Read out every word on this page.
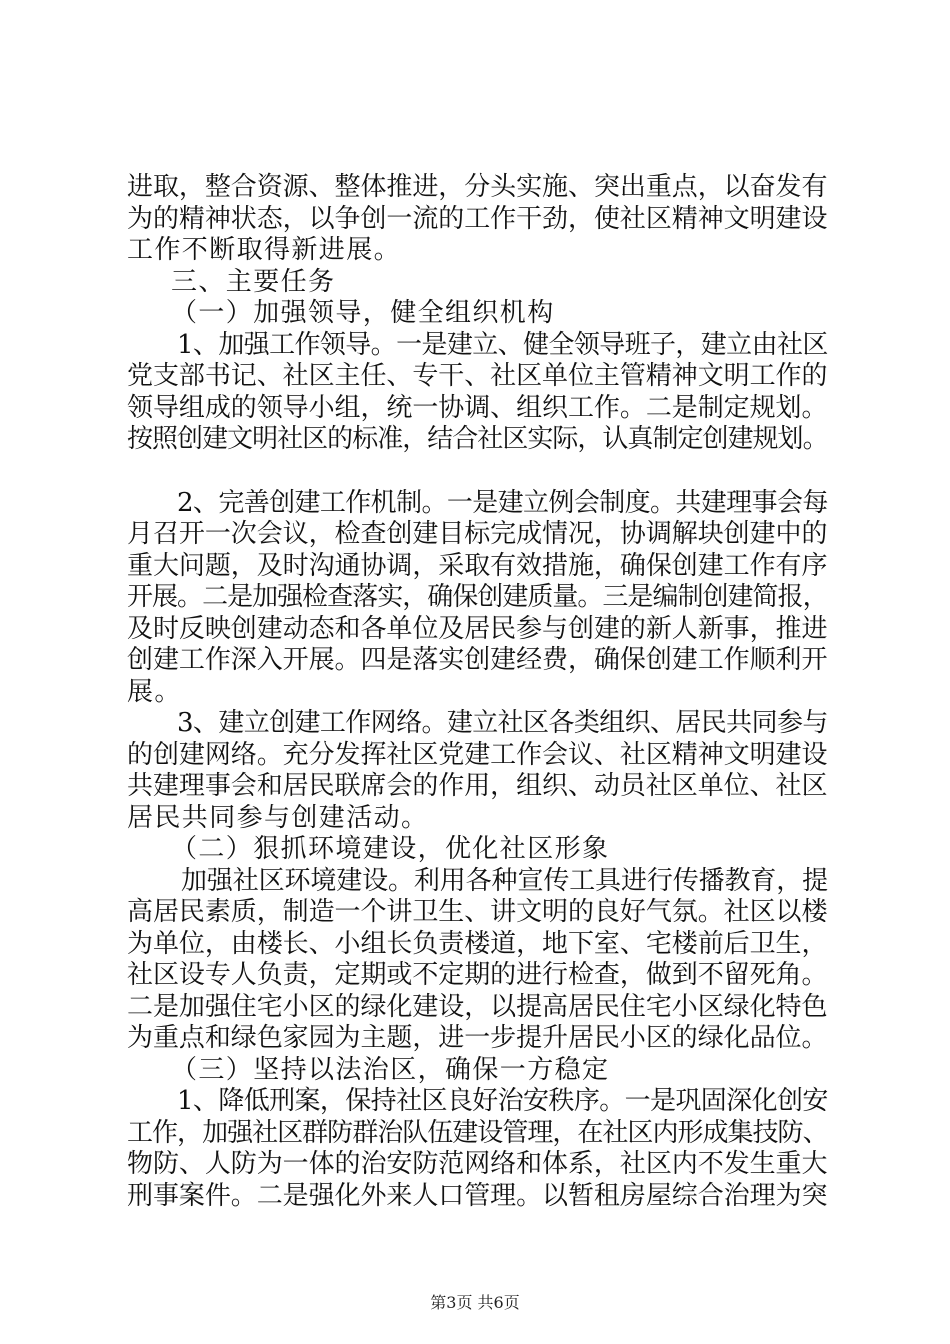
进取，整合资源、整体推进，分头实施、突出重点，以奋发有
为的精神状态，以争创一流的工作干劲，使社区精神文明建设
工作不断取得新进展。
三、主要任务
（一）加强领导，健全组织机构
1、加强工作领导。一是建立、健全领导班子，建立由社区
党支部书记、社区主任、专干、社区单位主管精神文明工作的
领导组成的领导小组，统一协调、组织工作。二是制定规划。
按照创建文明社区的标准，结合社区实际，认真制定创建规划。
2、完善创建工作机制。一是建立例会制度。共建理事会每
月召开一次会议，检查创建目标完成情况，协调解块创建中的
重大问题，及时沟通协调，采取有效措施，确保创建工作有序
开展。二是加强检查落实，确保创建质量。三是编制创建简报，
及时反映创建动态和各单位及居民参与创建的新人新事，推进
创建工作深入开展。四是落实创建经费，确保创建工作顺利开
展。
3、建立创建工作网络。建立社区各类组织、居民共同参与
的创建网络。充分发挥社区党建工作会议、社区精神文明建设
共建理事会和居民联席会的作用，组织、动员社区单位、社区
居民共同参与创建活动。
（二）狠抓环境建设，优化社区形象
加强社区环境建设。利用各种宣传工具进行传播教育，提
高居民素质，制造一个讲卫生、讲文明的良好气氛。社区以楼
为单位，由楼长、小组长负责楼道，地下室、宅楼前后卫生，
社区设专人负责，定期或不定期的进行检查，做到不留死角。
二是加强住宅小区的绿化建设，以提高居民住宅小区绿化特色
为重点和绿色家园为主题，进一步提升居民小区的绿化品位。
（三）坚持以法治区，确保一方稳定
1、降低刑案，保持社区良好治安秩序。一是巩固深化创安
工作，加强社区群防群治队伍建设管理，在社区内形成集技防、
物防、人防为一体的治安防范网络和体系，社区内不发生重大
刑事案件。二是强化外来人口管理。以暂租房屋综合治理为突
第3页 共6页
